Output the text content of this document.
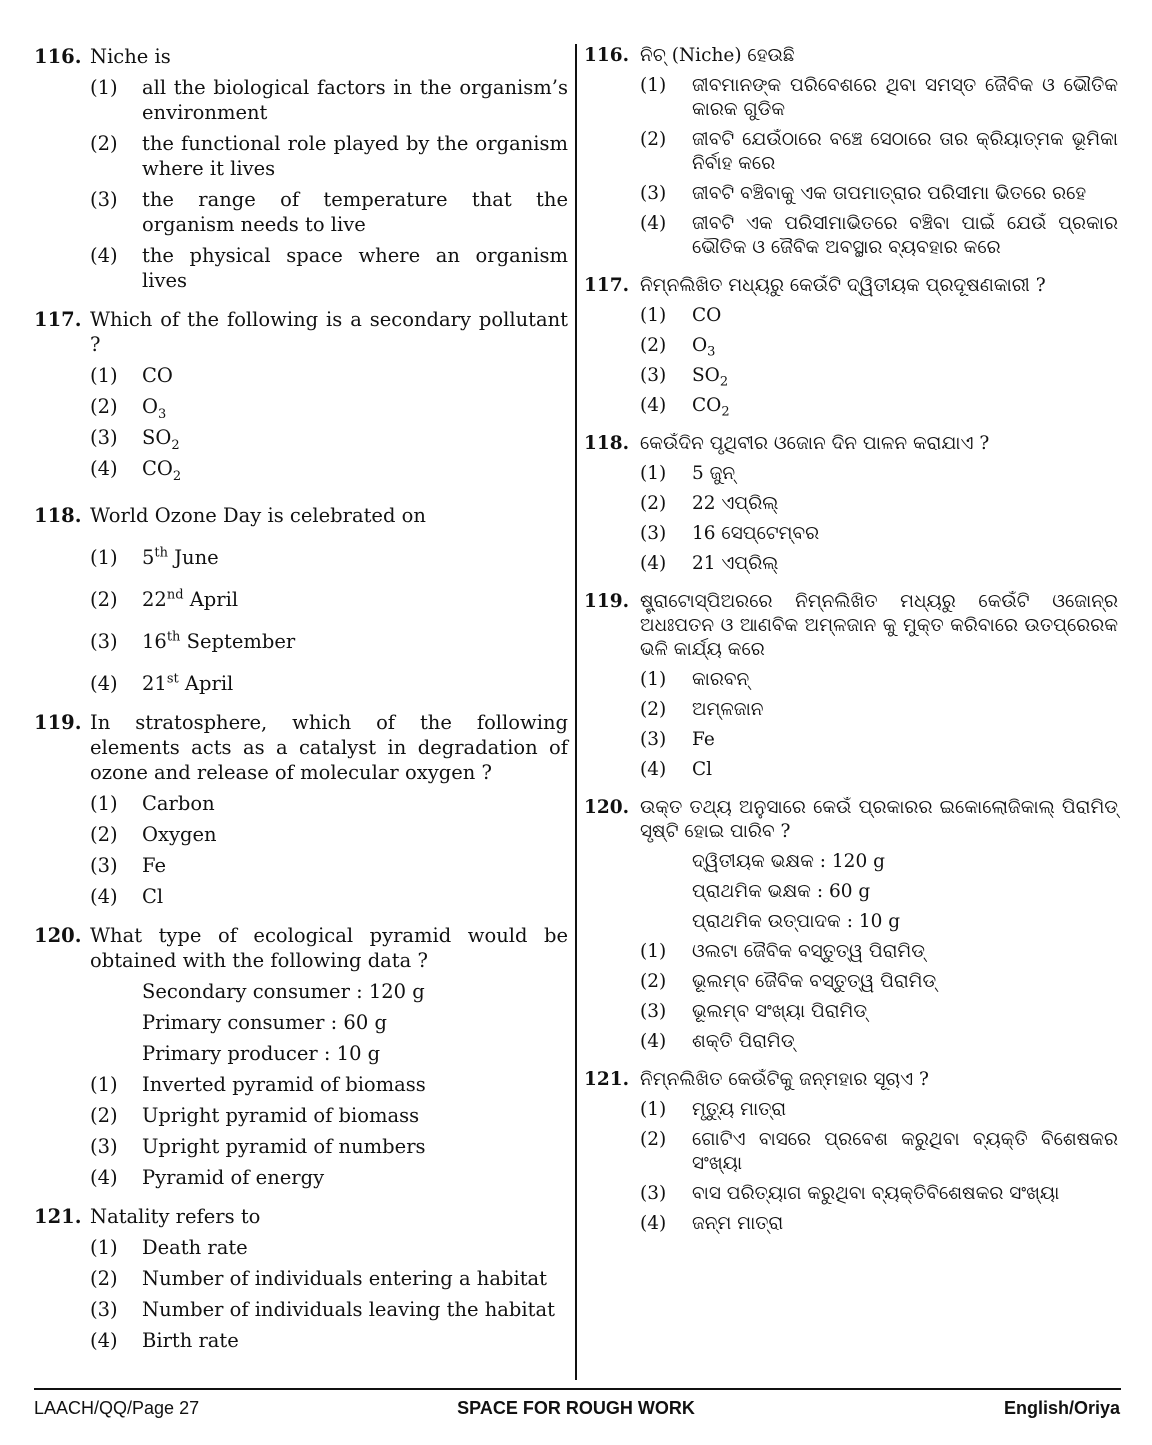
116. Niche is
(1)	all the biological factors in the organism’s environment
(2)	the functional role played by the organism where it lives
(3)	the range of temperature that the organism needs to live
(4)	the physical space where an organism lives
117. Which of the following is a secondary pollutant ?
(1)	CO
(2)	$O_3$
(3)	$SO_2$
(4)	$CO_2$
118. World Ozone Day is celebrated on
(1)	5th June
(2)	22nd April
(3)	16th September
(4)	21st April
119. In stratosphere, which of the following elements acts as a catalyst in degradation of ozone and release of molecular oxygen ?
(1)	Carbon
(2)	Oxygen
(3)	Fe
(4)	Cl
120. What type of ecological pyramid would be obtained with the following data ?
Secondary consumer : 120 g
Primary consumer : 60 g
Primary producer : 10 g
(1)	Inverted pyramid of biomass
(2)	Upright pyramid of biomass
(3)	Upright pyramid of numbers
(4)	Pyramid of energy
121. Natality refers to
(1)	Death rate
(2)	Number of individuals entering a habitat
(3)	Number of individuals leaving the habitat
(4)	Birth rate
116. ନିଚ୍ (Niche) ହେଉଛି
(1)	ଜୀବମାନଙ୍କ ପରିବେଶରେ ଥିବା ସମସ୍ତ ଜୈବିକ ଓ ଭୌତିକ କାରକ ଗୁଡିକ
(2)	ଜୀବଟି ଯେଉଁଠାରେ ବଞ୍ଚେ ସେଠାରେ ତାର କ୍ରିୟାତ୍ମକ ଭୂମିକା ନିର୍ବାହ କରେ
(3)	ଜୀବଟି ବଞ୍ଚିବାକୁ ଏକ ତାପମାତ୍ରାର ପରିସୀମା ଭିତରେ ରହେ
(4)	ଜୀବଟି ଏକ ପରିସୀମାଭିତରେ ବଞ୍ଚିବା ପାଇଁ ଯେଉଁ ପ୍ରକାର ଭୌତିକ ଓ ଜୈବିକ ଅବସ୍ଥାର ବ୍ୟବହାର କରେ
117. ନିମ୍ନଲିଖିତ ମଧ୍ୟରୁ କେଉଁଟି ଦ୍ୱିତୀୟକ ପ୍ରଦୂଷଣକାରୀ ?
(1)	CO
(2)	$O_3$
(3)	$SO_2$
(4)	$CO_2$
118. କେଉଁଦିନ ପୃଥିବୀର ଓଜୋନ ଦିନ ପାଳନ କରାଯାଏ ?
(1)	5 ଜୁନ୍
(2)	22 ଏପ୍ରିଲ୍
(3)	16 ସେପ୍ଟେମ୍ବର
(4)	21 ଏପ୍ରିଲ୍
119. ଷ୍ଟ୍ରାଟୋସ୍ପିଅରରେ ନିମ୍ନଲିଖିତ ମଧ୍ୟରୁ କେଉଁଟି ଓଜୋନ୍ର ଅଧଃପତନ ଓ ଆଣବିକ ଅମ୍ଳଜାନ କୁ ମୁକ୍ତ କରିବାରେ ଉତପ୍ରେରକ ଭଳି କାର୍ଯ୍ୟ କରେ
(1)	କାରବନ୍
(2)	ଅମ୍ଳଜାନ
(3)	Fe
(4)	Cl
120. ଉକ୍ତ ତଥ୍ୟ ଅନୁସାରେ କେଉଁ ପ୍ରକାରର ଇକୋଲୋଜିକାଲ୍ ପିରାମିଡ୍ ସୃଷ୍ଟି ହୋଇ ପାରିବ ?
ଦ୍ୱିତୀୟକ ଭକ୍ଷକ : 120 g
ପ୍ରାଥମିକ ଭକ୍ଷକ : 60 g
ପ୍ରାଥମିକ ଉତ୍ପାଦକ : 10 g
(1)	ଓଲଟା ଜୈବିକ ବସ୍ତୁତ୍ୱ ପିରାମିଡ୍
(2)	ଭୂଲମ୍ବ ଜୈବିକ ବସ୍ତୁତ୍ୱ ପିରାମିଡ୍
(3)	ଭୂଲମ୍ବ ସଂଖ୍ୟା ପିରାମିଡ୍
(4)	ଶକ୍ତି ପିରାମିଡ୍
121. ନିମ୍ନଲିଖିତ କେଉଁଟିକୁ ଜନ୍ମହାର ସୂଚାଏ ?
(1)	ମୃତ୍ୟୁ ମାତ୍ରା
(2)	ଗୋଟିଏ ବାସରେ ପ୍ରବେଶ କରୁଥିବା ବ୍ୟକ୍ତି ବିଶେଷକର ସଂଖ୍ୟା
(3)	ବାସ ପରିତ୍ୟାଗ କରୁଥିବା ବ୍ୟକ୍ତିବିଶେଷକର ସଂଖ୍ୟା
(4)	ଜନ୍ମ ମାତ୍ରା
LAACH/QQ/Page 27	SPACE FOR ROUGH WORK	English/Oriya
